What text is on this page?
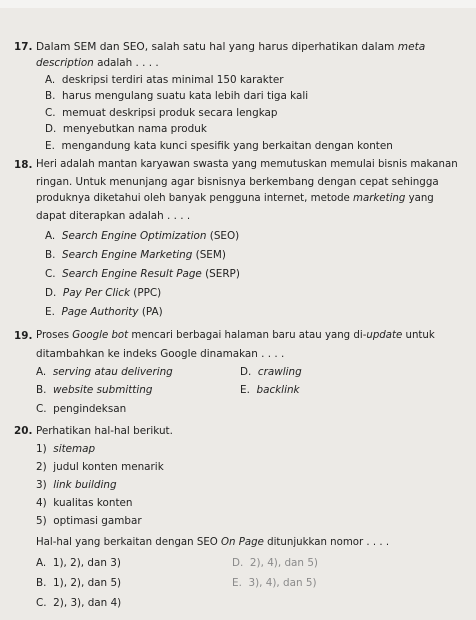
17. Dalam SEM dan SEO, salah satu hal yang harus diperhatikan dalam meta
description adalah . . . .
A. deskripsi terdiri atas minimal 150 karakter
B. harus mengulang suatu kata lebih dari tiga kali
C. memuat deskripsi produk secara lengkap
D. menyebutkan nama produk
E. mengandung kata kunci spesifik yang berkaitan dengan konten
18. Heri adalah mantan karyawan swasta yang memutuskan memulai bisnis makanan
ringan. Untuk menunjang agar bisnisnya berkembang dengan cepat sehingga
produknya diketahui oleh banyak pengguna internet, metode marketing yang
dapat diterapkan adalah . . . .
A. Search Engine Optimization (SEO)
B. Search Engine Marketing (SEM)
C. Search Engine Result Page (SERP)
D. Pay Per Click (PPC)
E. Page Authority (PA)
19. Proses Google bot mencari berbagai halaman baru atau yang di-update untuk
ditambahkan ke indeks Google dinamakan . . . .
A. serving atau delivering	D. crawling
B. website submitting	E. backlink
C. pengindeksan
20. Perhatikan hal-hal berikut.
1) sitemap
2) judul konten menarik
3) link building
4) kualitas konten
5) optimasi gambar
Hal-hal yang berkaitan dengan SEO On Page ditunjukkan nomor . . . .
A. 1), 2), dan 3)	D. 2), 4), dan 5)
B. 1), 2), dan 5)	E. 3), 4), dan 5)
C. 2), 3), dan 4)
